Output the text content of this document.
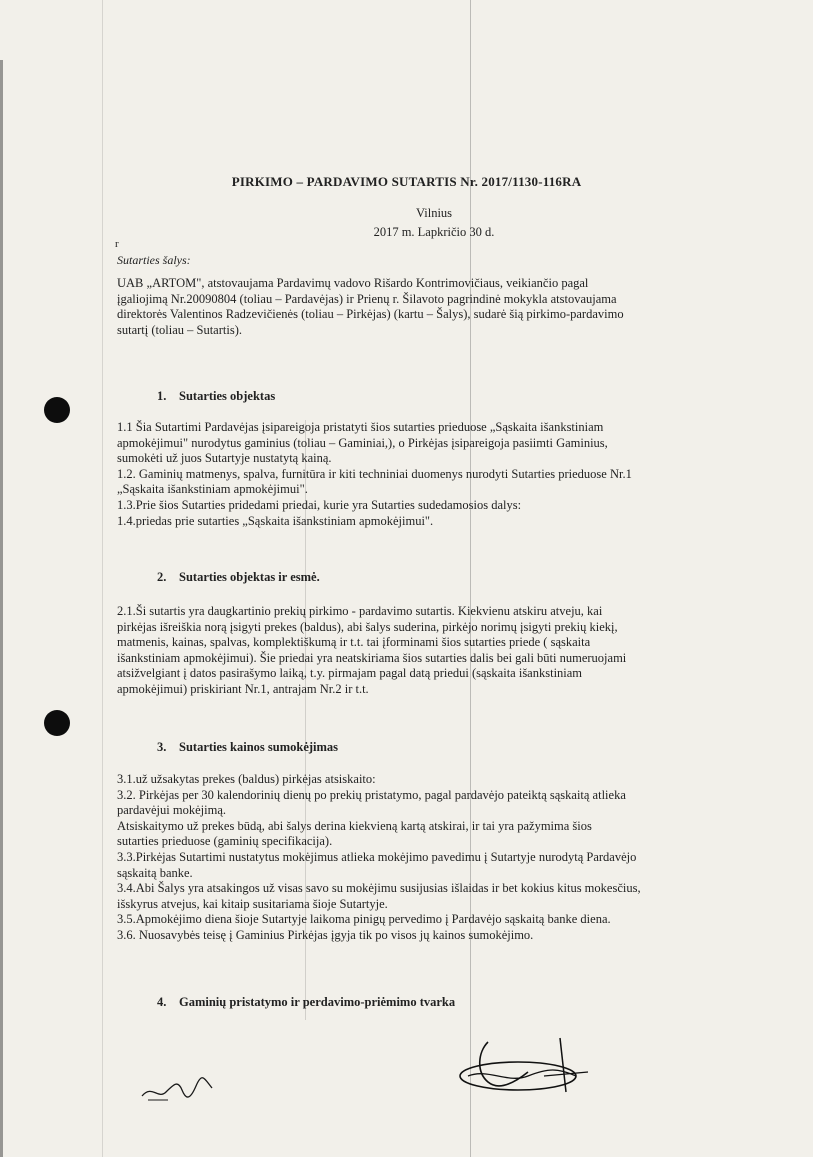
PIRKIMO – PARDAVIMO SUTARTIS Nr. 2017/1130-116RA
Vilnius
2017 m. Lapkričio 30 d.
r
Sutarties šalys:
UAB „ARTOM", atstovaujama Pardavimų vadovo Rišardo Kontrimovičiaus, veikiančio pagal
įgaliojimą Nr.20090804 (toliau – Pardavėjas) ir Prienų r. Šilavoto pagrindinė mokykla atstovaujama
direktorės Valentinos Radzevičienės (toliau – Pirkėjas) (kartu – Šalys), sudarė šią pirkimo-pardavimo
sutartį (toliau – Sutartis).
1. Sutarties objektas
1.1 Šia Sutartimi Pardavėjas įsipareigoja pristatyti šios sutarties prieduose „Sąskaita išankstiniam
apmokėjimui" nurodytus gaminius (toliau – Gaminiai,), o Pirkėjas įsipareigoja pasiimti Gaminius,
sumokėti už juos Sutartyje nustatytą kainą.
1.2. Gaminių matmenys, spalva, furnitūra ir kiti techniniai duomenys nurodyti Sutarties prieduose Nr.1
„Sąskaita išankstiniam apmokėjimui".
1.3.Prie šios Sutarties pridedami priedai, kurie yra Sutarties sudedamosios dalys:
1.4.priedas prie sutarties „Sąskaita išankstiniam apmokėjimui".
2. Sutarties objektas ir esmė.
2.1.Ši sutartis yra daugkartinio prekių pirkimo - pardavimo sutartis. Kiekvienu atskiru atveju, kai
pirkėjas išreiškia norą įsigyti prekes (baldus), abi šalys suderina, pirkėjo norimų įsigyti prekių kiekį,
matmenis, kainas, spalvas, komplektiškumą ir t.t. tai įforminami šios sutarties priede ( sąskaita
išankstiniam apmokėjimui). Šie priedai yra neatskiriama šios sutarties dalis bei gali būti numeruojami
atsižvelgiant į datos pasirašymo laiką, t.y. pirmajam pagal datą priedui (sąskaita išankstiniam
apmokėjimui) priskiriant Nr.1, antrajam Nr.2 ir t.t.
3. Sutarties kainos sumokėjimas
3.1.už užsakytas prekes (baldus) pirkėjas atsiskaito:
3.2. Pirkėjas per 30 kalendorinių dienų po prekių pristatymo, pagal pardavėjo pateiktą sąskaitą atlieka
pardavėjui mokėjimą.
Atsiskaitymo už prekes būdą, abi šalys derina kiekvieną kartą atskirai, ir tai yra pažymima šios
sutarties prieduose (gaminių specifikacija).
3.3.Pirkėjas Sutartimi nustatytus mokėjimus atlieka mokėjimo pavedimu į Sutartyje nurodytą Pardavėjo
sąskaitą banke.
3.4.Abi Šalys yra atsakingos už visas savo su mokėjimu susijusias išlaidas ir bet kokius kitus mokesčius,
išskyrus atvejus, kai kitaip susitariama šioje Sutartyje.
3.5.Apmokėjimo diena šioje Sutartyje laikoma pinigų pervedimo į Pardavėjo sąskaitą banke diena.
3.6. Nuosavybės teisę į Gaminius Pirkėjas įgyja tik po visos jų kainos sumokėjimo.
4. Gaminių pristatymo ir perdavimo-priėmimo tvarka
